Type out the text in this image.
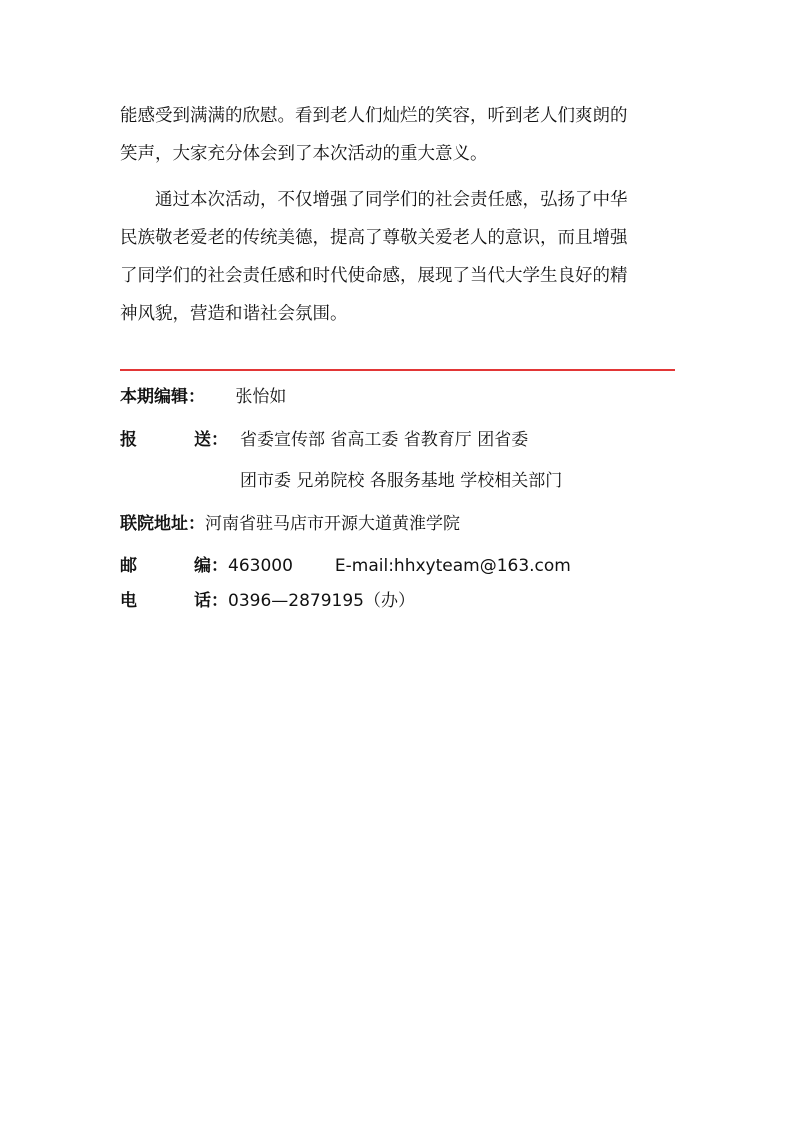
能感受到满满的欣慰。看到老人们灿烂的笑容，听到老人们爽朗的
笑声，大家充分体会到了本次活动的重大意义。
　　通过本次活动，不仅增强了同学们的社会责任感，弘扬了中华
民族敬老爱老的传统美德，提高了尊敬关爱老人的意识，而且增强
了同学们的社会责任感和时代使命感，展现了当代大学生良好的精
神风貌，营造和谐社会氛围。
本期编辑： 张怡如
报	送： 省委宣传部 省高工委 省教育厅 团省委
团市委 兄弟院校 各服务基地 学校相关部门
联院地址：河南省驻马店市开源大道黄淮学院
邮	编： 463000 E-mail:hhxyteam@163.com
电	话： 0396—2879195（办）
